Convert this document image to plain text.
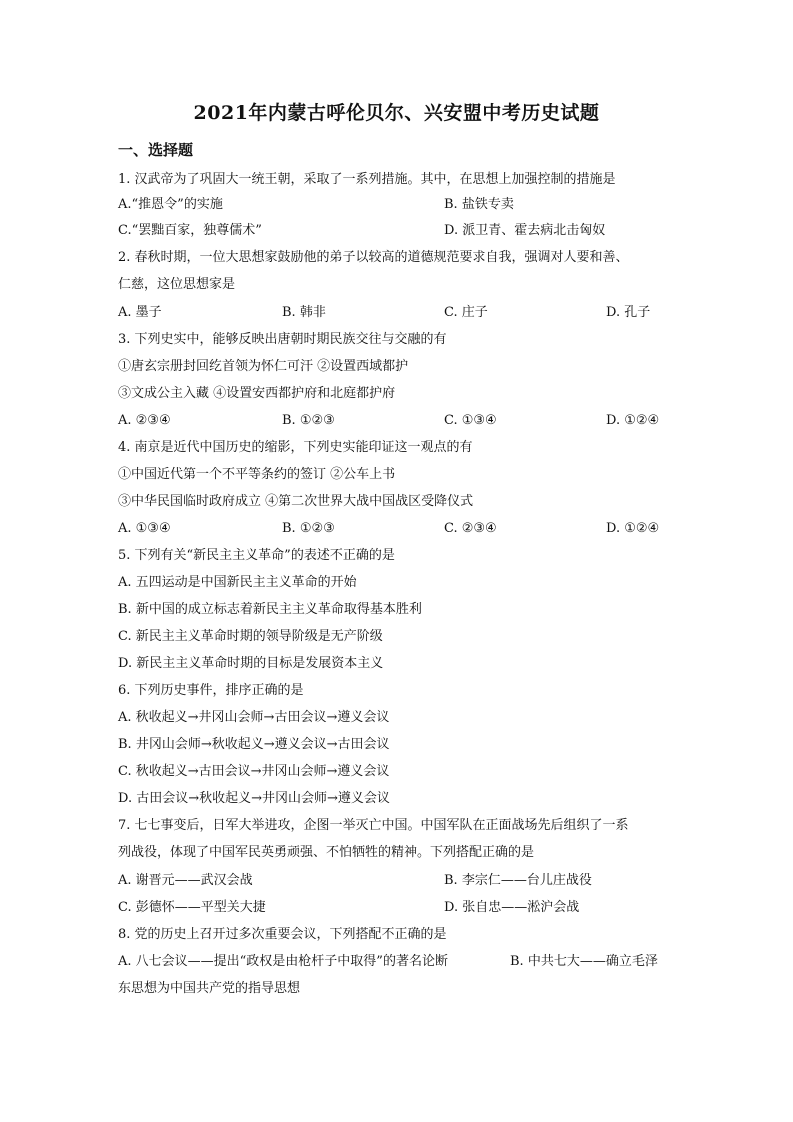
2021年内蒙古呼伦贝尔、兴安盟中考历史试题
一、选择题
1. 汉武帝为了巩固大一统王朝，采取了一系列措施。其中，在思想上加强控制的措施是
A.“推恩令”的实施	B. 盐铁专卖
C.“罢黜百家，独尊儒术”	D. 派卫青、霍去病北击匈奴
2. 春秋时期，一位大思想家鼓励他的弟子以较高的道德规范要求自我，强调对人要和善、
仁慈，这位思想家是
A. 墨子	B. 韩非	C. 庄子	D. 孔子
3. 下列史实中，能够反映出唐朝时期民族交往与交融的有
①唐玄宗册封回纥首领为怀仁可汗 ②设置西域都护
③文成公主入藏 ④设置安西都护府和北庭都护府
A. ②③④	B. ①②③	C. ①③④	D. ①②④
4. 南京是近代中国历史的缩影，下列史实能印证这一观点的有
①中国近代第一个不平等条约的签订 ②公车上书
③中华民国临时政府成立 ④第二次世界大战中国战区受降仪式
A. ①③④	B. ①②③	C. ②③④	D. ①②④
5. 下列有关“新民主主义革命”的表述不正确的是
A. 五四运动是中国新民主主义革命的开始
B. 新中国的成立标志着新民主主义革命取得基本胜利
C. 新民主主义革命时期的领导阶级是无产阶级
D. 新民主主义革命时期的目标是发展资本主义
6. 下列历史事件，排序正确的是
A. 秋收起义→井冈山会师→古田会议→遵义会议
B. 井冈山会师→秋收起义→遵义会议→古田会议
C. 秋收起义→古田会议→井冈山会师→遵义会议
D. 古田会议→秋收起义→井冈山会师→遵义会议
7. 七七事变后，日军大举进攻，企图一举灭亡中国。中国军队在正面战场先后组织了一系
列战役，体现了中国军民英勇顽强、不怕牺牲的精神。下列搭配正确的是
A. 谢晋元——武汉会战	B. 李宗仁——台儿庄战役
C. 彭德怀——平型关大捷	D. 张自忠——淞沪会战
8. 党的历史上召开过多次重要会议，下列搭配不正确的是
A. 八七会议——提出“政权是由枪杆子中取得”的著名论断	B. 中共七大——确立毛泽
东思想为中国共产党的指导思想
